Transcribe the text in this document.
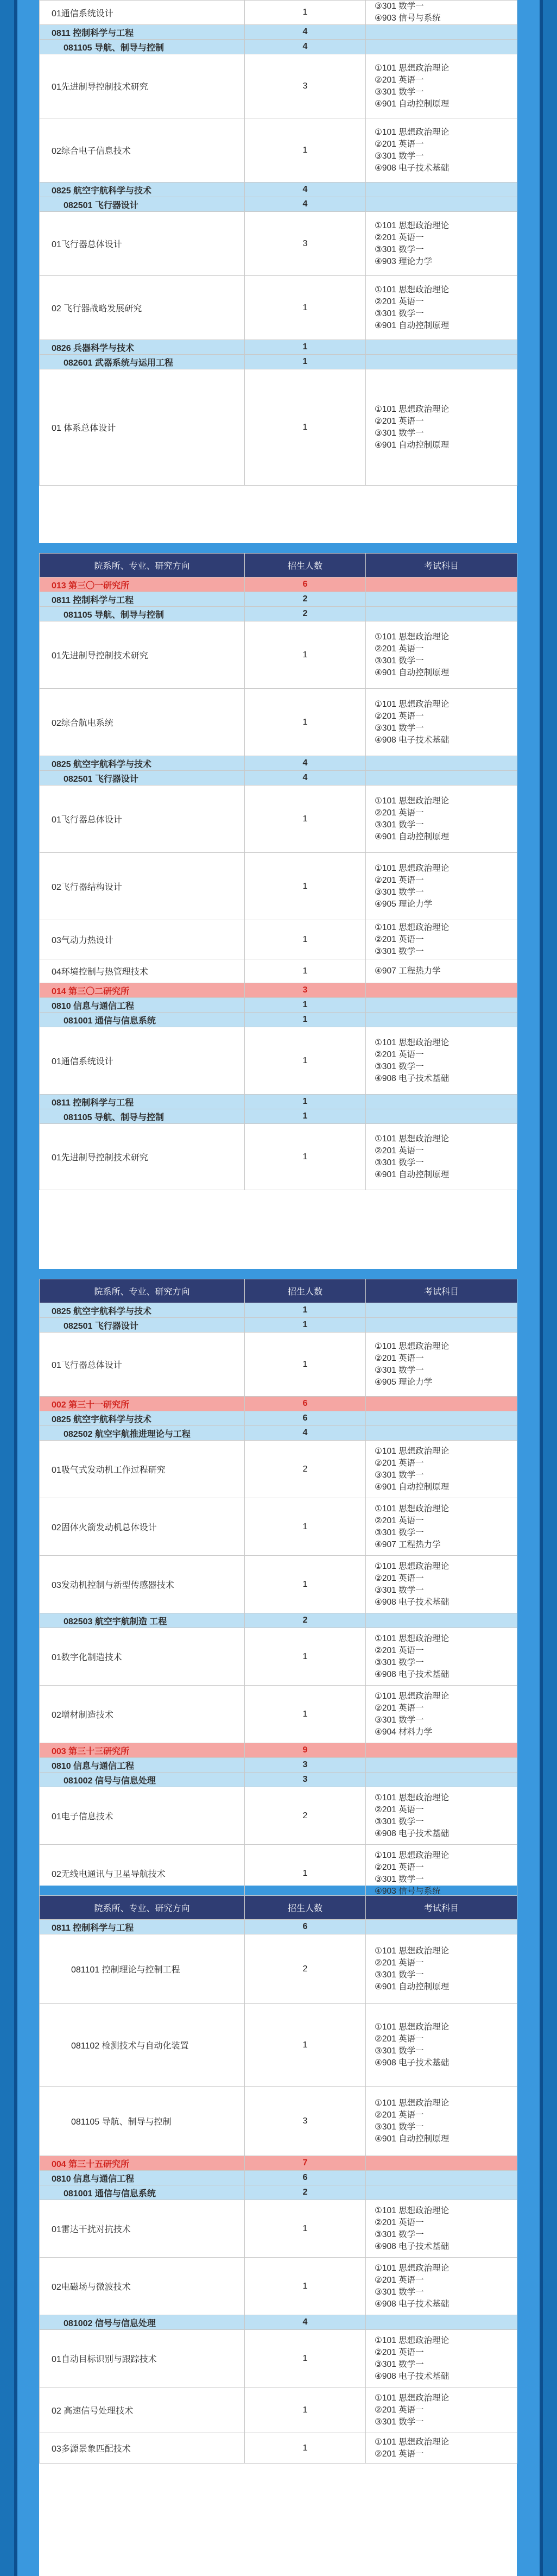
01通信系统设计	1	③301 数学一
④903 信号与系统

0811 控制科学与工程	4	
081105 导航、制导与控制	4	
01先进制导控制技术研究	3	①101 思想政治理论
②201 英语一
③301 数学一
④901 自动控制原理

02综合电子信息技术	1	①101 思想政治理论
②201 英语一
③301 数学一
④908 电子技术基础

0825 航空宇航科学与技术	4	
082501 飞行器设计	4	
01飞行器总体设计	3	①101 思想政治理论
②201 英语一
③301 数学一
④903 理论力学

02 飞行器战略发展研究	1	①101 思想政治理论
②201 英语一
③301 数学一
④901 自动控制原理

0826 兵器科学与技术	1	
082601 武器系统与运用工程	1	
01 体系总体设计	1	①101 思想政治理论
②201 英语一
③301 数学一
④901 自动控制原理
院系所、专业、研究方向	招生人数	考试科目
013 第三〇一研究所	6	
0811 控制科学与工程	2	
081105 导航、制导与控制	2	
01先进制导控制技术研究	1	①101 思想政治理论
②201 英语一
③301 数学一
④901 自动控制原理

02综合航电系统	1	①101 思想政治理论
②201 英语一
③301 数学一
④908 电子技术基础

0825 航空宇航科学与技术	4	
082501 飞行器设计	4	
01飞行器总体设计	1	①101 思想政治理论
②201 英语一
③301 数学一
④901 自动控制原理

02飞行器结构设计	1	①101 思想政治理论
②201 英语一
③301 数学一
④905 理论力学

03气动力热设计	1	①101 思想政治理论
②201 英语一
③301 数学一

04环境控制与热管理技术	1	④907 工程热力学

014 第三〇二研究所	3	
0810 信息与通信工程	1	
081001 通信与信息系统	1	
01通信系统设计	1	①101 思想政治理论
②201 英语一
③301 数学一
④908 电子技术基础

0811 控制科学与工程	1	
081105 导航、制导与控制	1	
01先进制导控制技术研究	1	①101 思想政治理论
②201 英语一
③301 数学一
④901 自动控制原理
院系所、专业、研究方向	招生人数	考试科目
0825 航空宇航科学与技术	1	
082501 飞行器设计	1	
01飞行器总体设计	1	①101 思想政治理论
②201 英语一
③301 数学一
④905 理论力学

002 第三十一研究所	6	
0825 航空宇航科学与技术	6	
082502 航空宇航推进理论与工程	4	
01吸气式发动机工作过程研究	2	①101 思想政治理论
②201 英语一
③301 数学一
④901 自动控制原理

02固体火箭发动机总体设计	1	①101 思想政治理论
②201 英语一
③301 数学一
④907 工程热力学

03发动机控制与新型传感器技术	1	①101 思想政治理论
②201 英语一
③301 数学一
④908 电子技术基础

082503 航空宇航制造 工程	2	
01数字化制造技术	1	①101 思想政治理论
②201 英语一
③301 数学一
④908 电子技术基础

02增材制造技术	1	①101 思想政治理论
②201 英语一
③301 数学一
④904 材料力学

003 第三十三研究所	9	
0810 信息与通信工程	3	
081002 信号与信息处理	3	
01电子信息技术	2	①101 思想政治理论
②201 英语一
③301 数学一
④908 电子技术基础

02无线电通讯与卫星导航技术	1	①101 思想政治理论
②201 英语一
③301 数学一
④903 信号与系统
院系所、专业、研究方向	招生人数	考试科目
0811 控制科学与工程	6	
081101 控制理论与控制工程	2	①101 思想政治理论
②201 英语一
③301 数学一
④901 自动控制原理

081102 检测技术与自动化装置	1	①101 思想政治理论
②201 英语一
③301 数学一
④908 电子技术基础

081105 导航、制导与控制	3	①101 思想政治理论
②201 英语一
③301 数学一
④901 自动控制原理

004 第三十五研究所	7	
0810 信息与通信工程	6	
081001 通信与信息系统	2	
01雷达干扰对抗技术	1	①101 思想政治理论
②201 英语一
③301 数学一
④908 电子技术基础

02电磁场与微波技术	1	①101 思想政治理论
②201 英语一
③301 数学一
④908 电子技术基础

081002 信号与信息处理	4	
01自动目标识别与跟踪技术	1	①101 思想政治理论
②201 英语一
③301 数学一
④908 电子技术基础

02 高速信号处理技术	1	①101 思想政治理论
②201 英语一
③301 数学一

03多源景象匹配技术	1	①101 思想政治理论
②201 英语一
